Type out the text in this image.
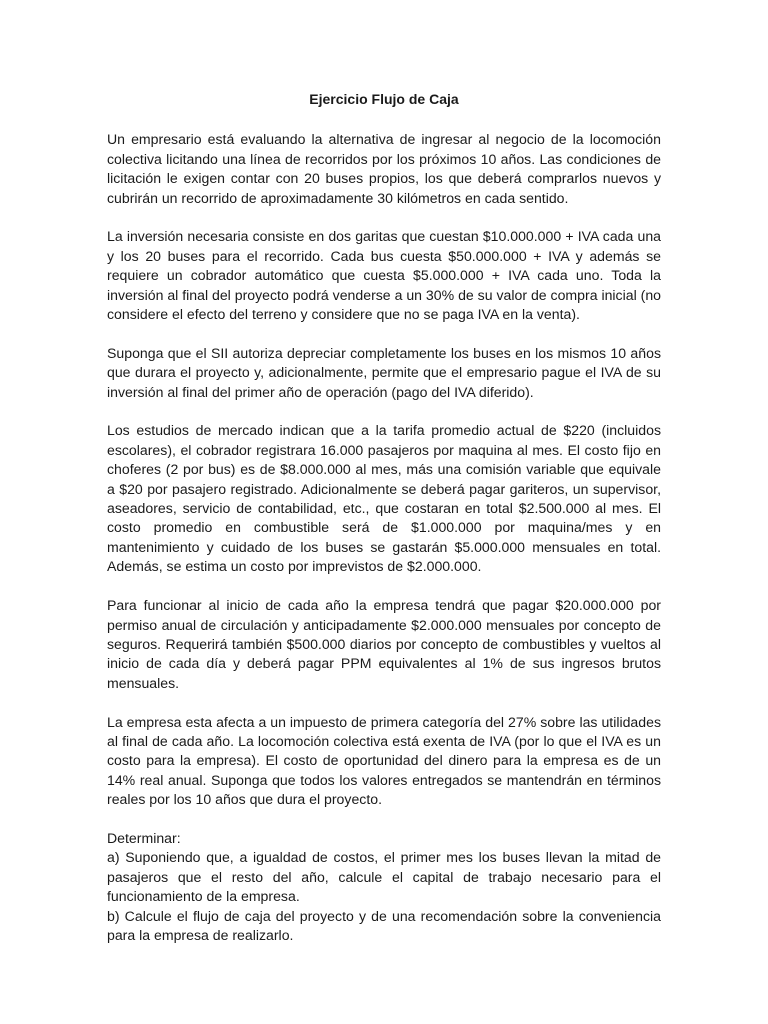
Ejercicio Flujo de Caja

Un empresario está evaluando la alternativa de ingresar al negocio de la locomoción colectiva licitando una línea de recorridos por los próximos 10 años. Las condiciones de licitación le exigen contar con 20 buses propios, los que deberá comprarlos nuevos y cubrirán un recorrido de aproximadamente 30 kilómetros en cada sentido.

La inversión necesaria consiste en dos garitas que cuestan $10.000.000 + IVA cada una y los 20 buses para el recorrido. Cada bus cuesta $50.000.000 + IVA y además se requiere un cobrador automático que cuesta $5.000.000 + IVA cada uno. Toda la inversión al final del proyecto podrá venderse a un 30% de su valor de compra inicial (no considere el efecto del terreno y considere que no se paga IVA en la venta).

Suponga que el SII autoriza depreciar completamente los buses en los mismos 10 años que durara el proyecto y, adicionalmente, permite que el empresario pague el IVA de su inversión al final del primer año de operación (pago del IVA diferido).

Los estudios de mercado indican que a la tarifa promedio actual de $220 (incluidos escolares), el cobrador registrara 16.000 pasajeros por maquina al mes. El costo fijo en choferes (2 por bus) es de $8.000.000 al mes, más una comisión variable que equivale a $20 por pasajero registrado. Adicionalmente se deberá pagar gariteros, un supervisor, aseadores, servicio de contabilidad, etc., que costaran en total $2.500.000 al mes. El costo promedio en combustible será de $1.000.000 por maquina/mes y en mantenimiento y cuidado de los buses se gastarán $5.000.000 mensuales en total. Además, se estima un costo por imprevistos de $2.000.000.

Para funcionar al inicio de cada año la empresa tendrá que pagar $20.000.000 por permiso anual de circulación y anticipadamente $2.000.000 mensuales por concepto de seguros. Requerirá también $500.000 diarios por concepto de combustibles y vueltos al inicio de cada día y deberá pagar PPM equivalentes al 1% de sus ingresos brutos mensuales.

La empresa esta afecta a un impuesto de primera categoría del 27% sobre las utilidades al final de cada año. La locomoción colectiva está exenta de IVA (por lo que el IVA es un costo para la empresa). El costo de oportunidad del dinero para la empresa es de un 14% real anual. Suponga que todos los valores entregados se mantendrán en términos reales por los 10 años que dura el proyecto.

Determinar:

a) Suponiendo que, a igualdad de costos, el primer mes los buses llevan la mitad de pasajeros que el resto del año, calcule el capital de trabajo necesario para el funcionamiento de la empresa.

b) Calcule el flujo de caja del proyecto y de una recomendación sobre la conveniencia para la empresa de realizarlo.
